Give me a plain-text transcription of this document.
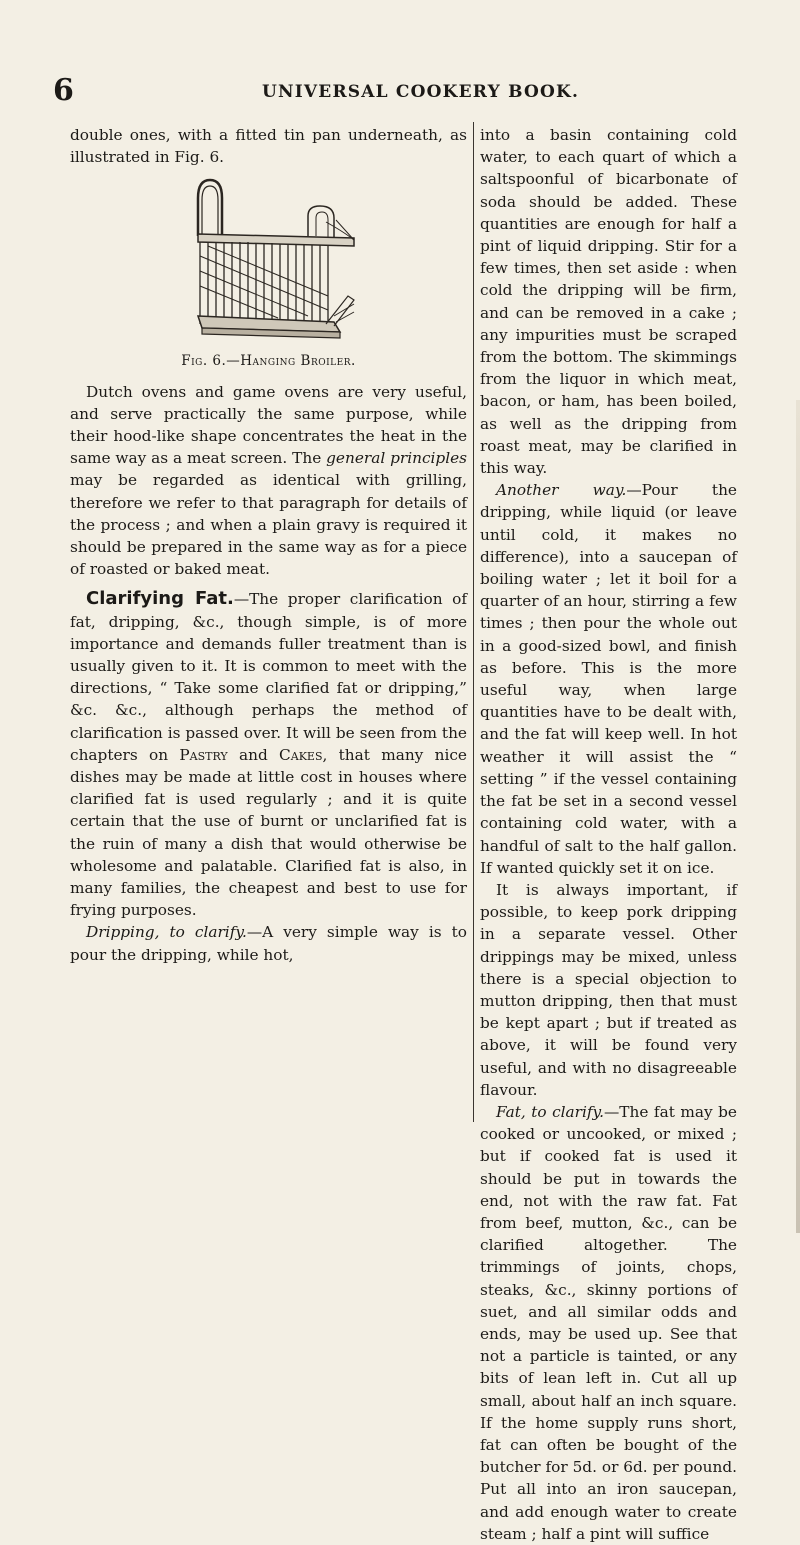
6	UNIVERSAL COOKERY BOOK.

double ones, with a fitted tin pan underneath, as illustrated in Fig. 6.

Fig. 6.—Hanging Broiler.

Dutch ovens and game ovens are very useful, and serve practically the same purpose, while their hood-like shape concentrates the heat in the same way as a meat screen. The general principles may be regarded as identical with grilling, therefore we refer to that paragraph for details of the process ; and when a plain gravy is required it should be prepared in the same way as for a piece of roasted or baked meat.

Clarifying Fat.—The proper clarification of fat, dripping, &c., though simple, is of more importance and demands fuller treatment than is usually given to it. It is common to meet with the directions, “ Take some clarified fat or dripping,” &c. &c., although perhaps the method of clarification is passed over. It will be seen from the chapters on Pastry and Cakes, that many nice dishes may be made at little cost in houses where clarified fat is used regularly ; and it is quite certain that the use of burnt or unclarified fat is the ruin of many a dish that would otherwise be wholesome and palatable. Clarified fat is also, in many families, the cheapest and best to use for frying purposes.

Dripping, to clarify.—A very simple way is to pour the dripping, while hot,

into a basin containing cold water, to each quart of which a saltspoonful of bicarbonate of soda should be added. These quantities are enough for half a pint of liquid dripping. Stir for a few times, then set aside : when cold the dripping will be firm, and can be removed in a cake ; any impurities must be scraped from the bottom. The skimmings from the liquor in which meat, bacon, or ham, has been boiled, as well as the dripping from roast meat, may be clarified in this way.

Another way.—Pour the dripping, while liquid (or leave until cold, it makes no difference), into a saucepan of boiling water ; let it boil for a quarter of an hour, stirring a few times ; then pour the whole out in a good-sized bowl, and finish as before. This is the more useful way, when large quantities have to be dealt with, and the fat will keep well. In hot weather it will assist the “ setting ” if the vessel containing the fat be set in a second vessel containing cold water, with a handful of salt to the half gallon. If wanted quickly set it on ice.

It is always important, if possible, to keep pork dripping in a separate vessel. Other drippings may be mixed, unless there is a special objection to mutton dripping, then that must be kept apart ; but if treated as above, it will be found very useful, and with no disagreeable flavour.

Fat, to clarify.—The fat may be cooked or uncooked, or mixed ; but if cooked fat is used it should be put in towards the end, not with the raw fat. Fat from beef, mutton, &c., can be clarified altogether. The trimmings of joints, chops, steaks, &c., skinny portions of suet, and all similar odds and ends, may be used up. See that not a particle is tainted, or any bits of lean left in. Cut all up small, about half an inch square. If the home supply runs short, fat can often be bought of the butcher for 5d. or 6d. per pound. Put all into an iron saucepan, and add enough water to create steam ; half a pint will suffice
